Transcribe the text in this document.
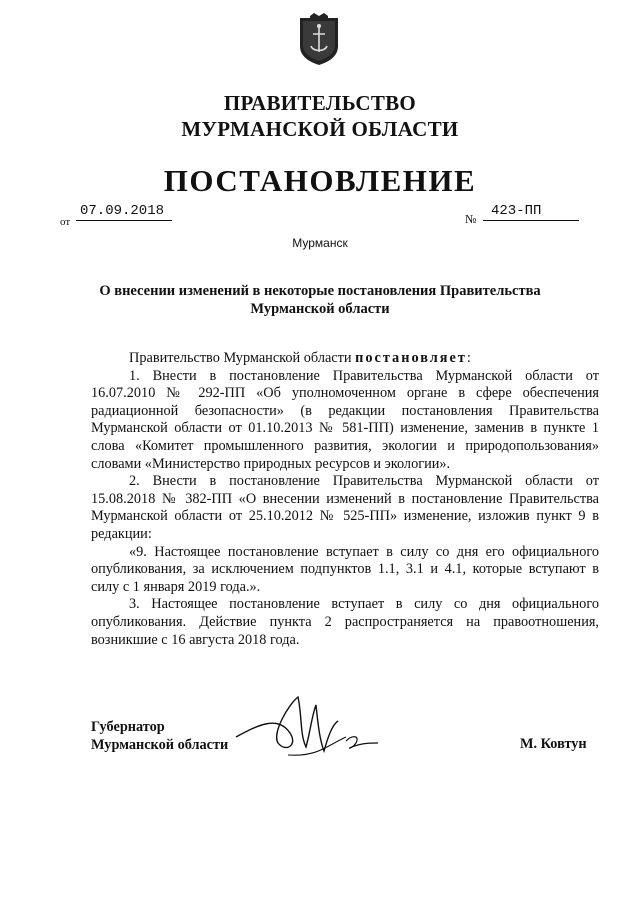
ПРАВИТЕЛЬСТВО
МУРМАНСКОЙ ОБЛАСТИ
ПОСТАНОВЛЕНИЕ
от
07.09.2018	№	423-ПП
Мурманск
О внесении изменений в некоторые постановления Правительства Мурманской области

Правительство Мурманской области постановляет:

1. Внести в постановление Правительства Мурманской области от 16.07.2010 № 292-ПП «Об уполномоченном органе в сфере обеспечения радиационной безопасности» (в редакции постановления Правительства Мурманской области от 01.10.2013 № 581-ПП) изменение, заменив в пункте 1 слова «Комитет промышленного развития, экологии и природопользования» словами «Министерство природных ресурсов и экологии».

2. Внести в постановление Правительства Мурманской области от 15.08.2018 № 382-ПП «О внесении изменений в постановление Правительства Мурманской области от 25.10.2012 № 525-ПП» изменение, изложив пункт 9 в редакции:

«9. Настоящее постановление вступает в силу со дня его официального опубликования, за исключением подпунктов 1.1, 3.1 и 4.1, которые вступают в силу с 1 января 2019 года.».

3. Настоящее постановление вступает в силу со дня официального опубликования. Действие пункта 2 распространяется на правоотношения, возникшие с 16 августа 2018 года.

Губернатор
Мурманской области	М. Ковтун
